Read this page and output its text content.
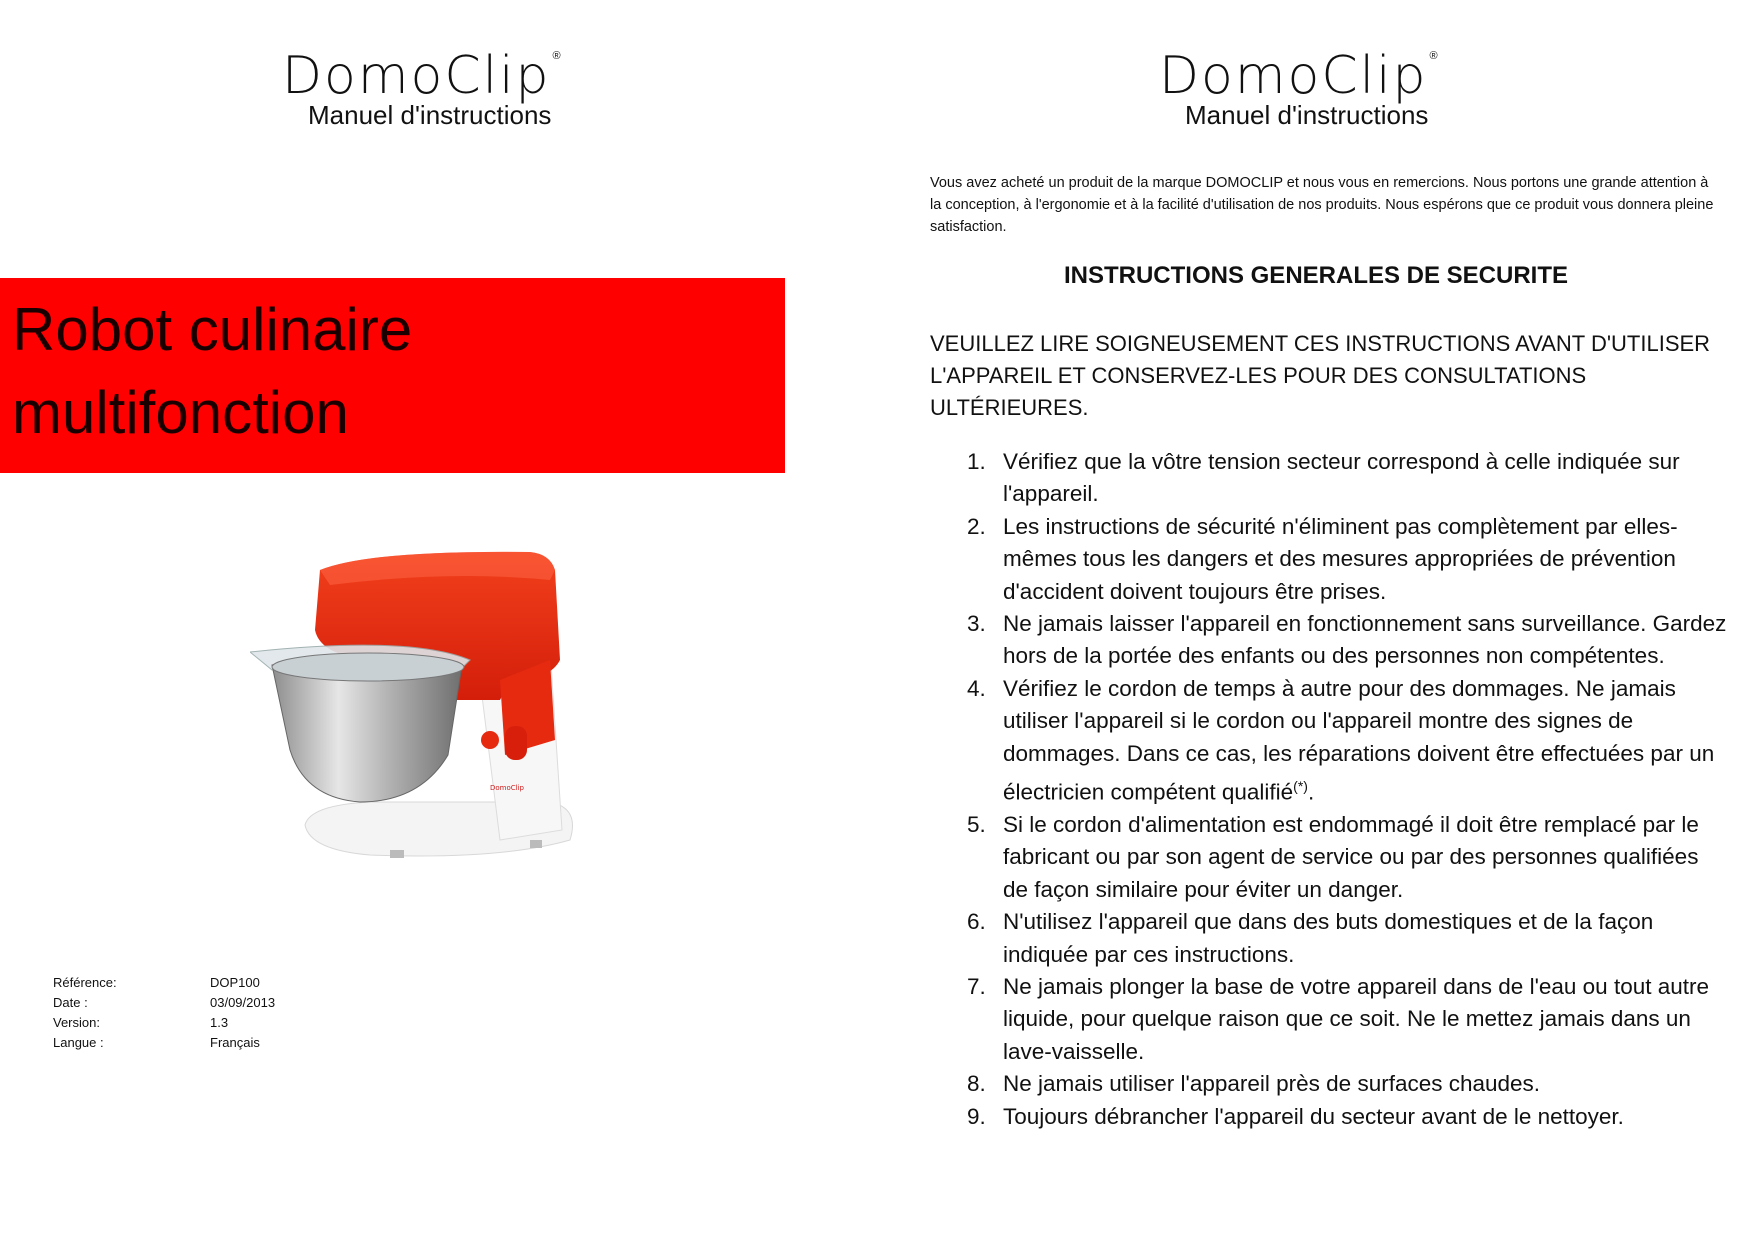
DomoClip ®
Manuel d'instructions
Robot culinaire
multifonction
DomoClip
Référence:	DOP100
Date :	03/09/2013
Version:	1.3
Langue :	Français
DomoClip ®
Manuel d'instructions
Vous avez acheté un produit de la marque DOMOCLIP et nous vous en remercions. Nous portons une grande attention à la conception, à l'ergonomie et à la facilité d'utilisation de nos produits. Nous espérons que ce produit vous donnera pleine satisfaction.
INSTRUCTIONS GENERALES DE SECURITE
VEUILLEZ LIRE SOIGNEUSEMENT CES INSTRUCTIONS AVANT D'UTILISER L'APPAREIL ET CONSERVEZ-LES POUR DES CONSULTATIONS ULTÉRIEURES.
1. Vérifiez que la vôtre tension secteur correspond à celle indiquée sur l'appareil.
2. Les instructions de sécurité n'éliminent pas complètement par elles-mêmes tous les dangers et des mesures appropriées de prévention d'accident doivent toujours être prises.
3. Ne jamais laisser l'appareil en fonctionnement sans surveillance. Gardez hors de la portée des enfants ou des personnes non compétentes.
4. Vérifiez le cordon de temps à autre pour des dommages. Ne jamais utiliser l'appareil si le cordon ou l'appareil montre des signes de dommages. Dans ce cas, les réparations doivent être effectuées par un électricien compétent qualifié(*).
5. Si le cordon d'alimentation est endommagé il doit être remplacé par le fabricant ou par son agent de service ou par des personnes qualifiées de façon similaire pour éviter un danger.
6. N'utilisez l'appareil que dans des buts domestiques et de la façon indiquée par ces instructions.
7. Ne jamais plonger la base de votre appareil dans de l'eau ou tout autre liquide, pour quelque raison que ce soit. Ne le mettez jamais dans un lave-vaisselle.
8. Ne jamais utiliser l'appareil près de surfaces chaudes.
9. Toujours débrancher l'appareil du secteur avant de le nettoyer.
